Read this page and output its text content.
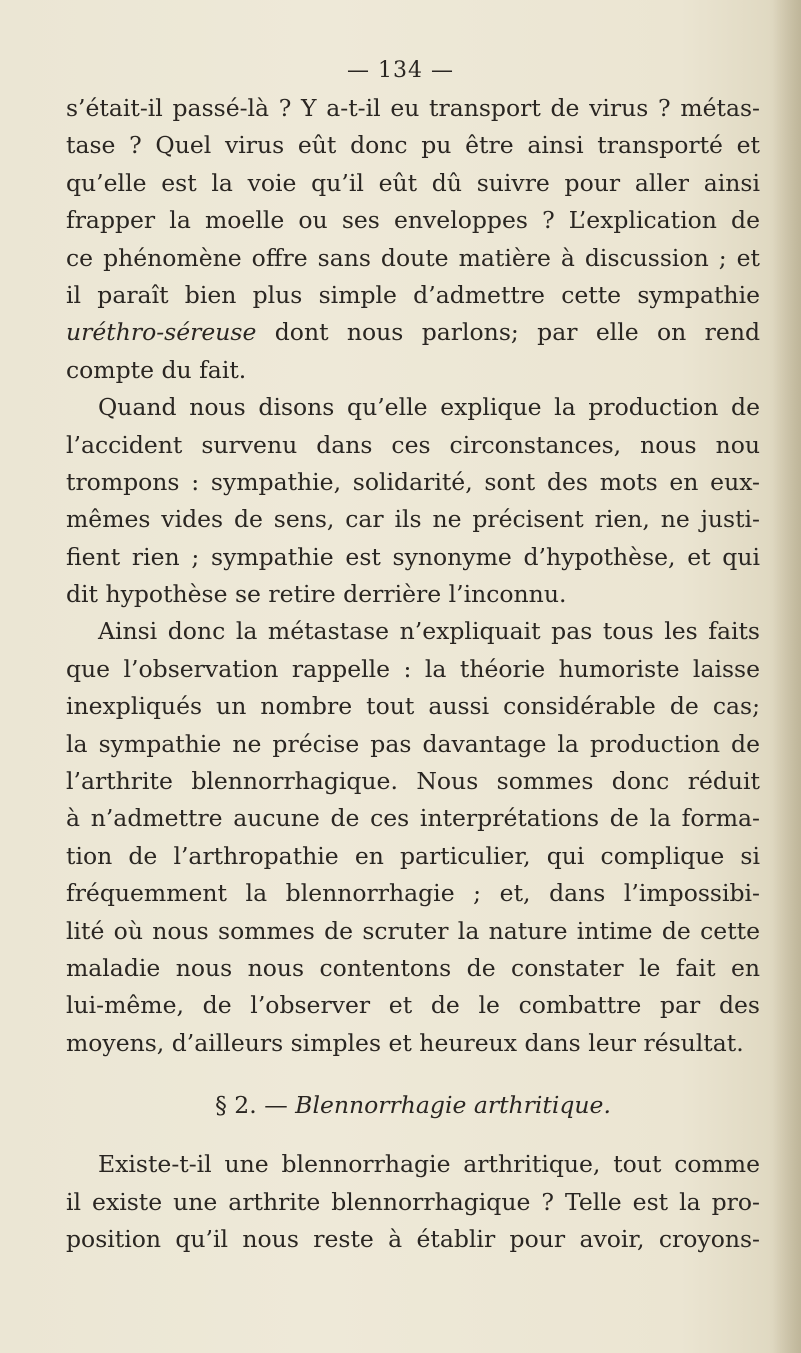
— 134 —
s’était-il passé-là ? Y a-t-il eu transport de virus ? métas-
tase ? Quel virus eût donc pu être ainsi transporté et
qu’elle est la voie qu’il eût dû suivre pour aller ainsi
frapper la moelle ou ses enveloppes ? L’explication de
ce phénomène offre sans doute matière à discussion ; et
il paraît bien plus simple d’admettre cette sympathie
uréthro-séreuse dont nous parlons; par elle on rend
compte du fait.
Quand nous disons qu’elle explique la production de
l’accident survenu dans ces circonstances, nous nou
trompons : sympathie, solidarité, sont des mots en eux-
mêmes vides de sens, car ils ne précisent rien, ne justi-
fient rien ; sympathie est synonyme d’hypothèse, et qui
dit hypothèse se retire derrière l’inconnu.
Ainsi donc la métastase n’expliquait pas tous les faits
que l’observation rappelle : la théorie humoriste laisse
inexpliqués un nombre tout aussi considérable de cas;
la sympathie ne précise pas davantage la production de
l’arthrite blennorrhagique. Nous sommes donc réduit
à n’admettre aucune de ces interprétations de la forma-
tion de l’arthropathie en particulier, qui complique si
fréquemment la blennorrhagie ; et, dans l’impossibi-
lité où nous sommes de scruter la nature intime de cette
maladie nous nous contentons de constater le fait en
lui-même, de l’observer et de le combattre par des
moyens, d’ailleurs simples et heureux dans leur résultat.
§ 2. — Blennorrhagie arthritique.
Existe-t-il une blennorrhagie arthritique, tout comme
il existe une arthrite blennorrhagique ? Telle est la pro-
position qu’il nous reste à établir pour avoir, croyons-
